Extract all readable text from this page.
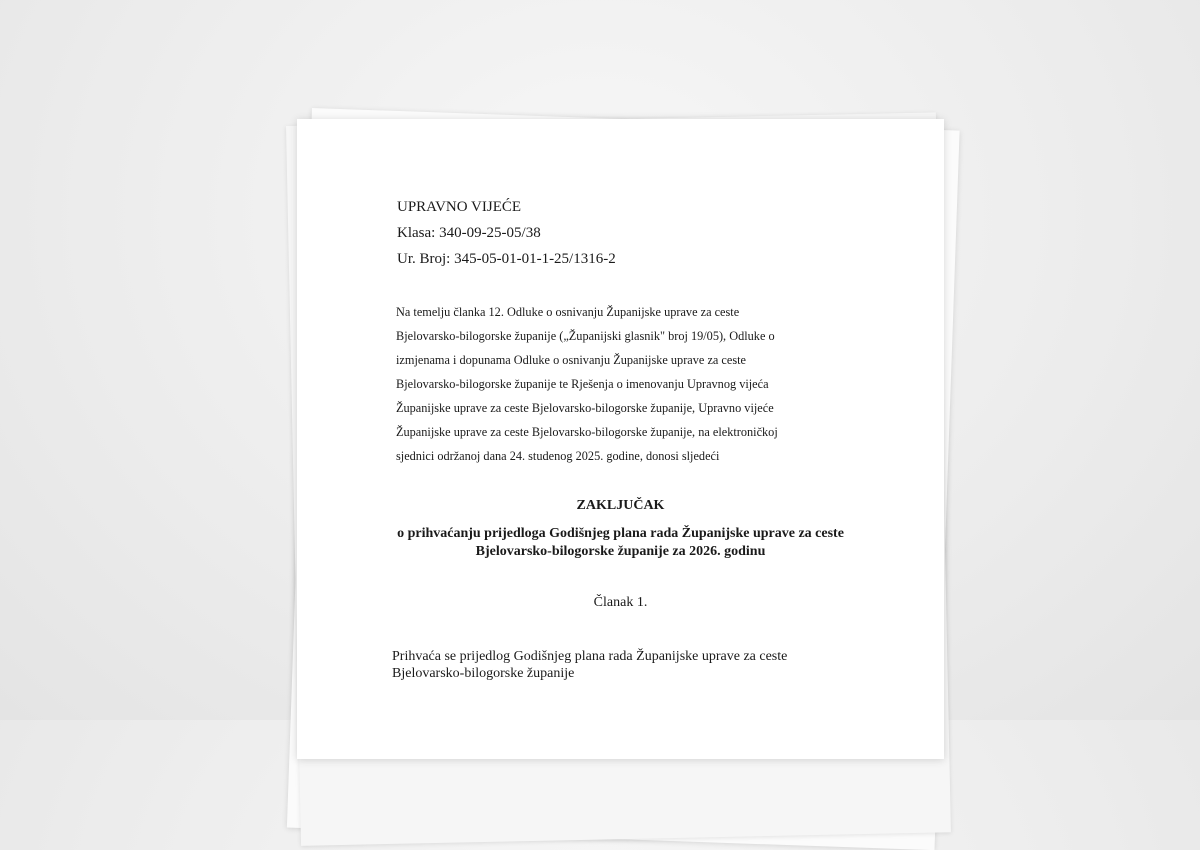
UPRAVNO VIJEĆE
Klasa: 340-09-25-05/38
Ur. Broj: 345-05-01-01-1-25/1316-2

Na temelju članka 12. Odluke o osnivanju Županijske uprave za ceste

Bjelovarsko-bilogorske županije („Županijski glasnik" broj 19/05), Odluke o

izmjenama i dopunama Odluke o osnivanju Županijske uprave za ceste

Bjelovarsko-bilogorske županije te Rješenja o imenovanju Upravnog vijeća

Županijske uprave za ceste Bjelovarsko-bilogorske županije, Upravno vijeće

Županijske uprave za ceste Bjelovarsko-bilogorske županije, na elektroničkoj

sjednici održanoj dana 24. studenog 2025. godine, donosi sljedeći

ZAKLJUČAK
o prihvaćanju prijedloga Godišnjeg plana rada Županijske uprave za ceste
Bjelovarsko-bilogorske županije za 2026. godinu
Članak 1.
Prihvaća se prijedlog Godišnjeg plana rada Županijske uprave za ceste
Bjelovarsko-bilogorske županije
